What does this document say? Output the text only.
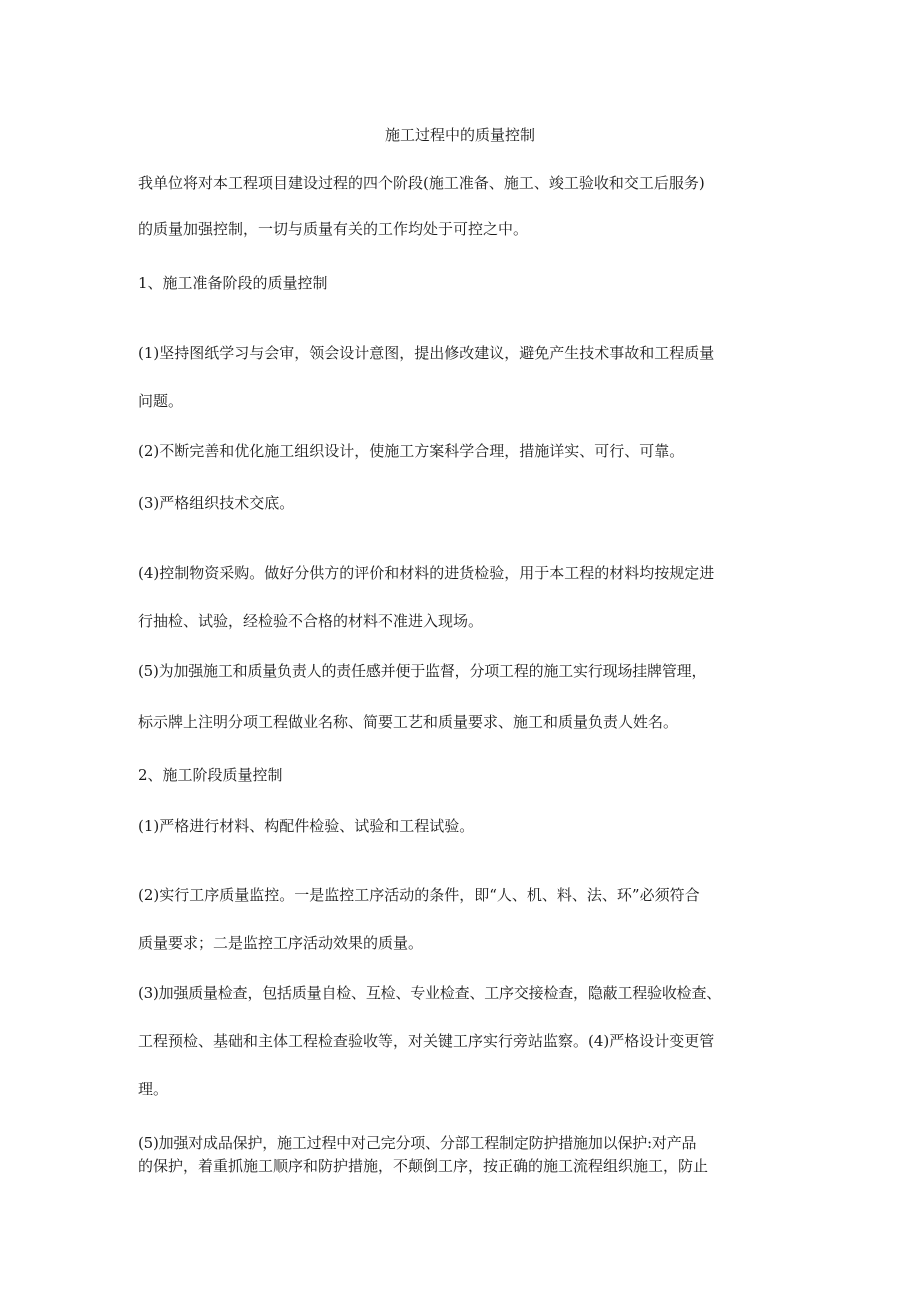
施工过程中的质量控制
我单位将对本工程项目建设过程的四个阶段(施工准备、施工、竣工验收和交工后服务)
的质量加强控制，一切与质量有关的工作均处于可控之中。
1、施工准备阶段的质量控制
(1)坚持图纸学习与会审，领会设计意图，提出修改建议，避免产生技术事故和工程质量
问题。
(2)不断完善和优化施工组织设计，使施工方案科学合理，措施详实、可行、可靠。
(3)严格组织技术交底。
(4)控制物资采购。做好分供方的评价和材料的进货检验，用于本工程的材料均按规定进
行抽检、试验，经检验不合格的材料不准进入现场。
(5)为加强施工和质量负责人的责任感并便于监督，分项工程的施工实行现场挂牌管理，
标示牌上注明分项工程做业名称、简要工艺和质量要求、施工和质量负责人姓名。
2、施工阶段质量控制
(1)严格进行材料、构配件检验、试验和工程试验。
(2)实行工序质量监控。一是监控工序活动的条件，即“人、机、料、法、环”必须符合
质量要求；二是监控工序活动效果的质量。
(3)加强质量检查，包括质量自检、互检、专业检查、工序交接检查，隐蔽工程验收检查、
工程预检、基础和主体工程检查验收等，对关键工序实行旁站监察。(4)严格设计变更管
理。
(5)加强对成品保护，施工过程中对己完分项、分部工程制定防护措施加以保护:对产品
的保护，着重抓施工顺序和防护措施，不颠倒工序，按正确的施工流程组织施工，防止
